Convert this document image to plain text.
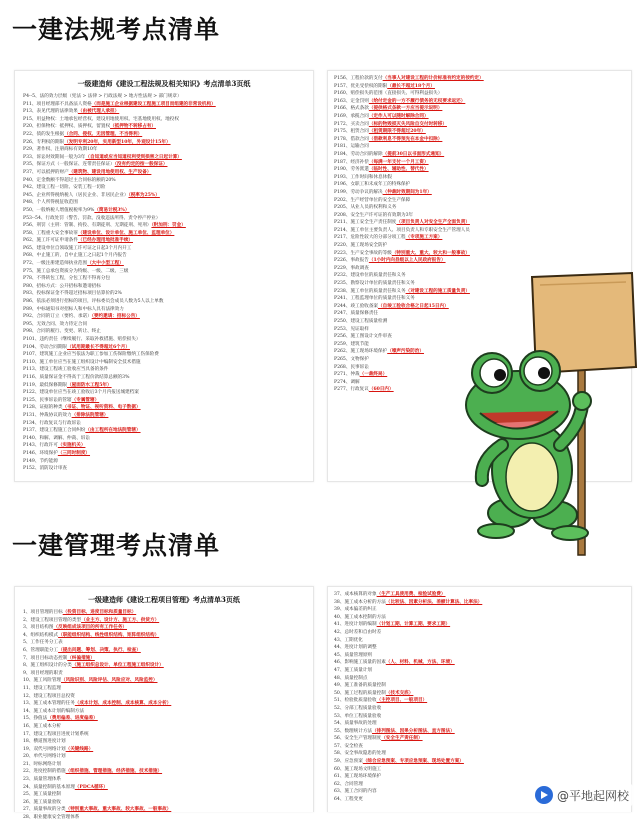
一建法规考点清单
一建管理考点清单
一级建造师《建设工程法规及相关知识》考点清单3页纸
P4--5、法的效力层级（宪法 > 法律 > 行政法规 > 地方性法规 > 部门规章）
P11、项目经理部不具备法人资格（而是施工企业根据建设工程施工项目而组建的非常设机构）
P13、表见代理的法律效果（由被代理人承担）
P15、用益物权：土地承包经营权、建设用地使用权、宅基地使用权、地役权
P20、担保物权：抵押权、质押权、留置权（抵押物不转移占有）
P22、债的发生根据（合同、侵权、无因管理、不当得利）
P26、专利权的期限（发明专利20年，实用新型10年，外观设计15年）
P29、著作权、注册商标有效期10年
P33、诉讼时效期间一般为3年（自知道或应当知道权利受到损害之日起计算）
P35、保证方式（一般保证、连带责任保证）（没有约定的按一般保证）
P37、可以抵押的财产（建筑物、建设用地使用权、生产设备）
P40、定金数额不得超过主合同标的额的20%
P42、建设工程一切险、安装工程一切险
P45、企业所得税纳税人（居民企业、非居民企业）（税率为25%）
P48、个人所得税征收范围
P50、一般纳税人增值税税率为9%（简易计税3%）
P53--54、行政处罚（警告、罚款、没收违法所得、责令停产停业）
P56、刑罚（主刑：管制、拘役、有期徒刑、无期徒刑、死刑）（附加刑：罚金）
P58、工程重大安全事故罪（建设单位、设计单位、施工单位、监理单位）
P62、施工许可证申请条件（已经办理用地批准手续）
P65、建设单位自领取施工许可证之日起3个月内开工
P68、中止施工的，自中止施工之日起1个月内报告
P72、一级注册建造师执业范围（大中小型工程）
P75、施工总承包资质分为特级、一级、二级、三级
P78、不得转包工程，分包工程不得再分包
P80、招标方式：公开招标和邀请招标
P83、投标保证金不得超过招标项目估算价的2%
P86、依法必须进行招标的项目，评标委员会成员人数为5人以上单数
P89、中标通知书对招标人和中标人具有法律效力
P92、合同的订立（要约、承诺）（要约邀请：招标公告）
P95、无效合同、效力待定合同
P98、合同的履行、变更、转让、终止
P101、违约责任（继续履行、采取补救措施、赔偿损失）
P104、劳动合同期限（试用期最长不得超过6个月）
P107、建筑施工企业应当依法为职工参加工伤保险缴纳工伤保险费
P110、施工单位应当在施工组织设计中编制安全技术措施
P113、建设工程竣工验收应当具备的条件
P116、质量保证金不得高于工程价款结算总额的3%
P119、最低保修期限（屋面防水工程5年）
P122、建设单位应当在竣工验收后3个月内报送城建档案
P125、民事诉讼的管辖（专属管辖）
P128、证据的种类（书证、物证、视听资料、电子数据）
P131、仲裁协议的效力（排除法院管辖）
P134、行政复议与行政诉讼
P137、建设工程施工合同纠纷（由工程所在地法院管辖）
P140、和解、调解、仲裁、诉讼
P143、行政许可（实施机关）
P146、环境保护（三同时制度）
P149、节约能源
P152、消防设计审查
P156、工程价款的支付（当事人对建设工程的计价标准有约定的按约定）
P157、优先受偿权的期限（最长不超过18个月）
P160、赔偿损失的范围（直接损失、可得利益损失）
P163、定金罚则（给付定金的一方不履行债务的无权要求返还）
P166、格式条款（提供格式条款一方应当提示说明）
P169、承揽合同（定作人可以随时解除合同）
P172、买卖合同（标的物毁损灭失风险自交付时转移）
P175、租赁合同（租赁期限不得超过20年）
P178、借款合同（借款利息不得预先在本金中扣除）
P181、运输合同
P184、劳动合同的解除（提前30日以书面形式通知）
P187、经济补偿（每满一年支付一个月工资）
P190、劳务派遣（临时性、辅助性、替代性）
P193、工作时间和休息休假
P196、女职工和未成年工的特殊保护
P199、劳动争议的解决（仲裁时效期间为1年）
P202、生产经营单位的安全生产保障
P205、从业人员的权利和义务
P208、安全生产许可证的有效期为3年
P211、施工安全生产责任制度（项目负责人对安全生产全面负责）
P214、施工单位主要负责人、项目负责人和专职安全生产管理人员
P217、危险性较大的分部分项工程（专项施工方案）
P220、施工现场安全防护
P223、生产安全事故的等级（特别重大、重大、较大和一般事故）
P226、事故报告（1小时内向县级以上人民政府报告）
P229、事故调查
P232、建设单位的质量责任和义务
P235、勘察设计单位的质量责任和义务
P238、施工单位的质量责任和义务（对建设工程的施工质量负责）
P241、工程监理单位的质量责任和义务
P244、竣工验收备案（自竣工验收合格之日起15日内）
P247、质量保修责任
P250、建设工程质量检测
P253、见证取样
P256、施工图设计文件审查
P259、建筑节能
P262、施工现场环境保护（噪声污染防治）
P265、文物保护
P268、民事诉讼
P271、仲裁（一裁终局）
P274、调解
P277、行政复议（60日内）
一级建造师《建设工程项目管理》考点清单3页纸
1、项目管理的目标（投资目标、进度目标和质量目标）
2、建设工程项目管理的类型（业主方、设计方、施工方、供货方）
3、项目结构图（反映组成该项目的所有工作任务）
4、组织结构模式（职能组织结构、线性组织结构、矩阵组织结构）
5、工作任务分工表
6、管理职能分工（提出问题、筹划、决策、执行、检查）
7、项目目标动态控制（纠偏措施）
8、施工组织设计的分类（施工组织总设计、单位工程施工组织设计）
9、项目经理的职责
10、施工风险管理（风险识别、风险评估、风险应对、风险监控）
11、建设工程监理
12、建设工程项目总投资
13、施工成本管理的任务（成本计划、成本控制、成本核算、成本分析）
14、施工成本计划的编制方法
15、挣值法（费用偏差、进度偏差）
16、施工成本分析
17、建设工程项目进度计划系统
18、横道图进度计划
19、双代号网络计划（关键线路）
20、单代号网络计划
21、时标网络计划
22、进度控制的措施（组织措施、管理措施、经济措施、技术措施）
23、质量管理体系
24、质量控制的基本原理（PDCA循环）
25、施工质量控制
26、施工质量验收
27、质量事故的分类（特别重大事故、重大事故、较大事故、一般事故）
28、职业健康安全管理体系
37、成本核算的对象（生产工具使用费、检验试验费）
38、施工成本分析的方法（比较法、因素分析法、差额计算法、比率法）
39、成本偏差的纠正
40、施工成本控制的方法
41、进度计划的编制（计划工期、计算工期、要求工期）
42、总时差和自由时差
43、工期优化
44、进度计划的调整
45、质量管理原则
46、影响施工质量的因素（人、材料、机械、方法、环境）
47、施工质量计划
48、质量控制点
49、施工准备的质量控制
50、施工过程的质量控制（技术交底）
51、检验批质量验收（主控项目、一般项目）
52、分部工程质量验收
53、单位工程质量验收
54、质量事故的处理
55、数理统计方法（排列图法、因果分析图法、直方图法）
56、安全生产管理制度（安全生产责任制）
57、安全检查
58、安全事故隐患的处理
59、应急预案（综合应急预案、专项应急预案、现场处置方案）
60、施工现场文明施工
61、施工现场环境保护
62、合同管理
63、施工合同的内容
64、工程变更	@平地起网校
